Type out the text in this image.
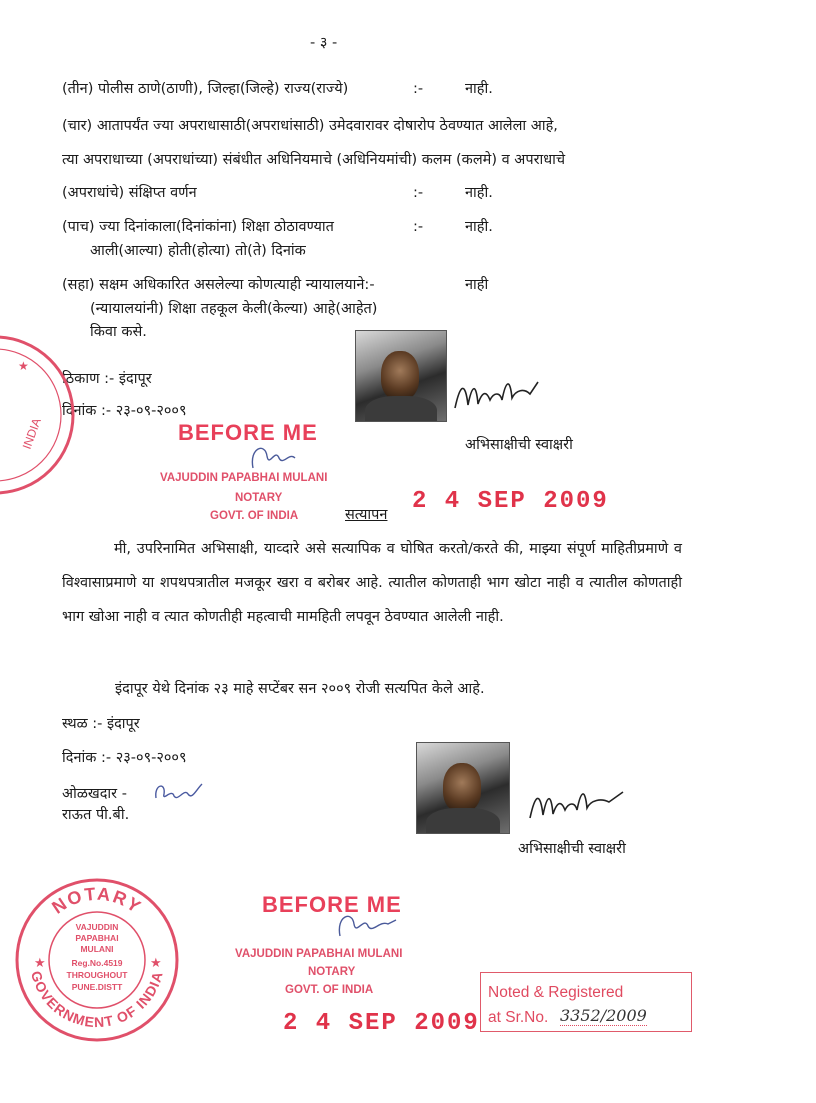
- ३ -
(तीन) पोलीस ठाणे(ठाणी), जिल्हा(जिल्हे) राज्य(राज्ये)	:-	नाही.
(चार) आतापर्यंत ज्या अपराधासाठी(अपराधांसाठी) उमेदवारावर दोषारोप ठेवण्यात आलेला आहे,
त्या अपराधाच्या (अपराधांच्या) संबंधीत अधिनियमाचे (अधिनियमांची) कलम (कलमे) व अपराधाचे
(अपराधांचे) संक्षिप्त वर्णन	:-	नाही.
(पाच) ज्या दिनांकाला(दिनांकांना) शिक्षा ठोठावण्यात	:-	नाही.
आली(आल्या) होती(होत्या) तो(ते) दिनांक
(सहा) सक्षम अधिकारित असलेल्या कोणत्याही न्यायालयाने:-	नाही
(न्यायालयांनी) शिक्षा तहकूल केली(केल्या) आहे(आहेत)
किवा कसे.
ठिकाण :- इंदापूर
दिनांक :- २३-०९-२००९
अभिसाक्षीची स्वाक्षरी
★
INDIA	BEFORE ME
VAJUDDIN PAPABHAI MULANI
NOTARY
GOVT. OF INDIA	सत्यापन 2 4 SEP 2009
मी, उपरिनामित अभिसाक्षी, याव्दारे असे सत्यापिक व घोषित करतो/करते की, माझ्या संपूर्ण माहितीप्रमाणे व विश्वासाप्रमाणे या शपथपत्रातील मजकूर खरा व बरोबर आहे. त्यातील कोणताही भाग खोटा नाही व त्यातील कोणताही भाग खोआ नाही व त्यात कोणतीही महत्वाची मामहिती लपवून ठेवण्यात आलेली नाही.
इंदापूर येथे दिनांक २३ माहे सप्टेंबर सन २००९ रोजी सत्यपित केले आहे.
स्थळ :- इंदापूर
दिनांक :- २३-०९-२००९
ओळखदार -
राऊत पी.बी.
अभिसाक्षीची स्वाक्षरी
NOTARY
GOVERNMENT OF INDIA
★	★
VAJUDDIN
PAPABHAI
MULANI
Reg.No.4519
THROUGHOUT
PUNE.DISTT
BEFORE ME
VAJUDDIN PAPABHAI MULANI
NOTARY
GOVT. OF INDIA
2 4 SEP 2009
Noted & Registered
at Sr.No. 3352/2009
